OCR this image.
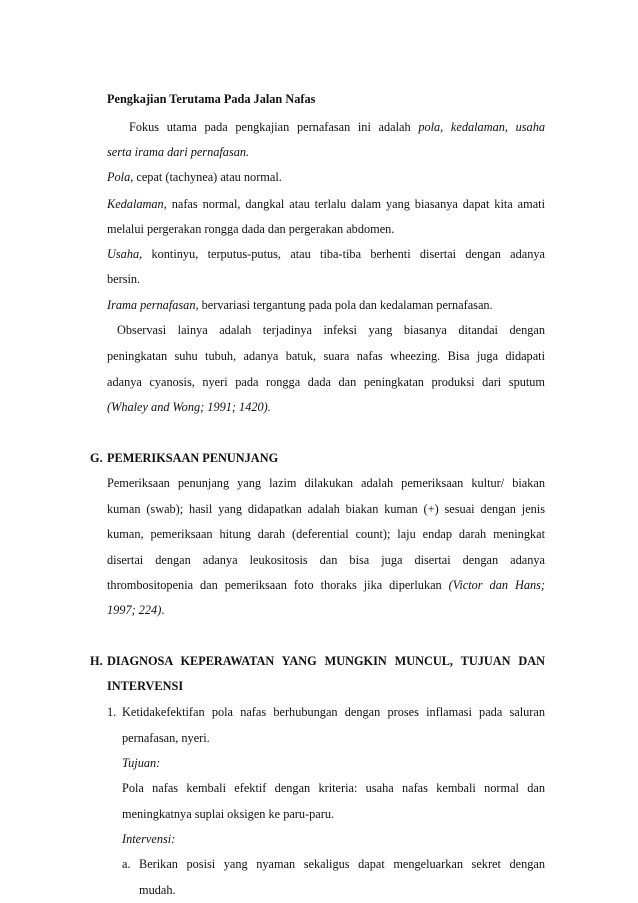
Pengkajian Terutama Pada Jalan Nafas
Fokus utama pada pengkajian pernafasan ini adalah pola, kedalaman, usaha
serta irama dari pernafasan.
Pola, cepat (tachynea) atau normal.
Kedalaman, nafas normal, dangkal atau terlalu dalam yang biasanya dapat kita amati
melalui pergerakan rongga dada dan pergerakan abdomen.
Usaha, kontinyu, terputus-putus, atau tiba-tiba berhenti disertai dengan adanya
bersin.
Irama pernafasan, bervariasi tergantung pada pola dan kedalaman pernafasan.
Observasi lainya adalah terjadinya infeksi yang biasanya ditandai dengan
peningkatan suhu tubuh, adanya batuk, suara nafas wheezing. Bisa juga didapati
adanya cyanosis, nyeri pada rongga dada dan peningkatan produksi dari sputum
(Whaley and Wong; 1991; 1420).
G. PEMERIKSAAN PENUNJANG
Pemeriksaan penunjang yang lazim dilakukan adalah pemeriksaan kultur/ biakan
kuman (swab); hasil yang didapatkan adalah biakan kuman (+) sesuai dengan jenis
kuman, pemeriksaan hitung darah (deferential count); laju endap darah meningkat
disertai dengan adanya leukositosis dan bisa juga disertai dengan adanya
thrombositopenia dan pemeriksaan foto thoraks jika diperlukan (Victor dan Hans;
1997; 224).
H. DIAGNOSA KEPERAWATAN YANG MUNGKIN MUNCUL, TUJUAN DAN
INTERVENSI
1. Ketidakefektifan pola nafas berhubungan dengan proses inflamasi pada saluran
pernafasan, nyeri.
Tujuan:
Pola nafas kembali efektif dengan kriteria: usaha nafas kembali normal dan
meningkatnya suplai oksigen ke paru-paru.
Intervensi:
a. Berikan posisi yang nyaman sekaligus dapat mengeluarkan sekret dengan
mudah.
